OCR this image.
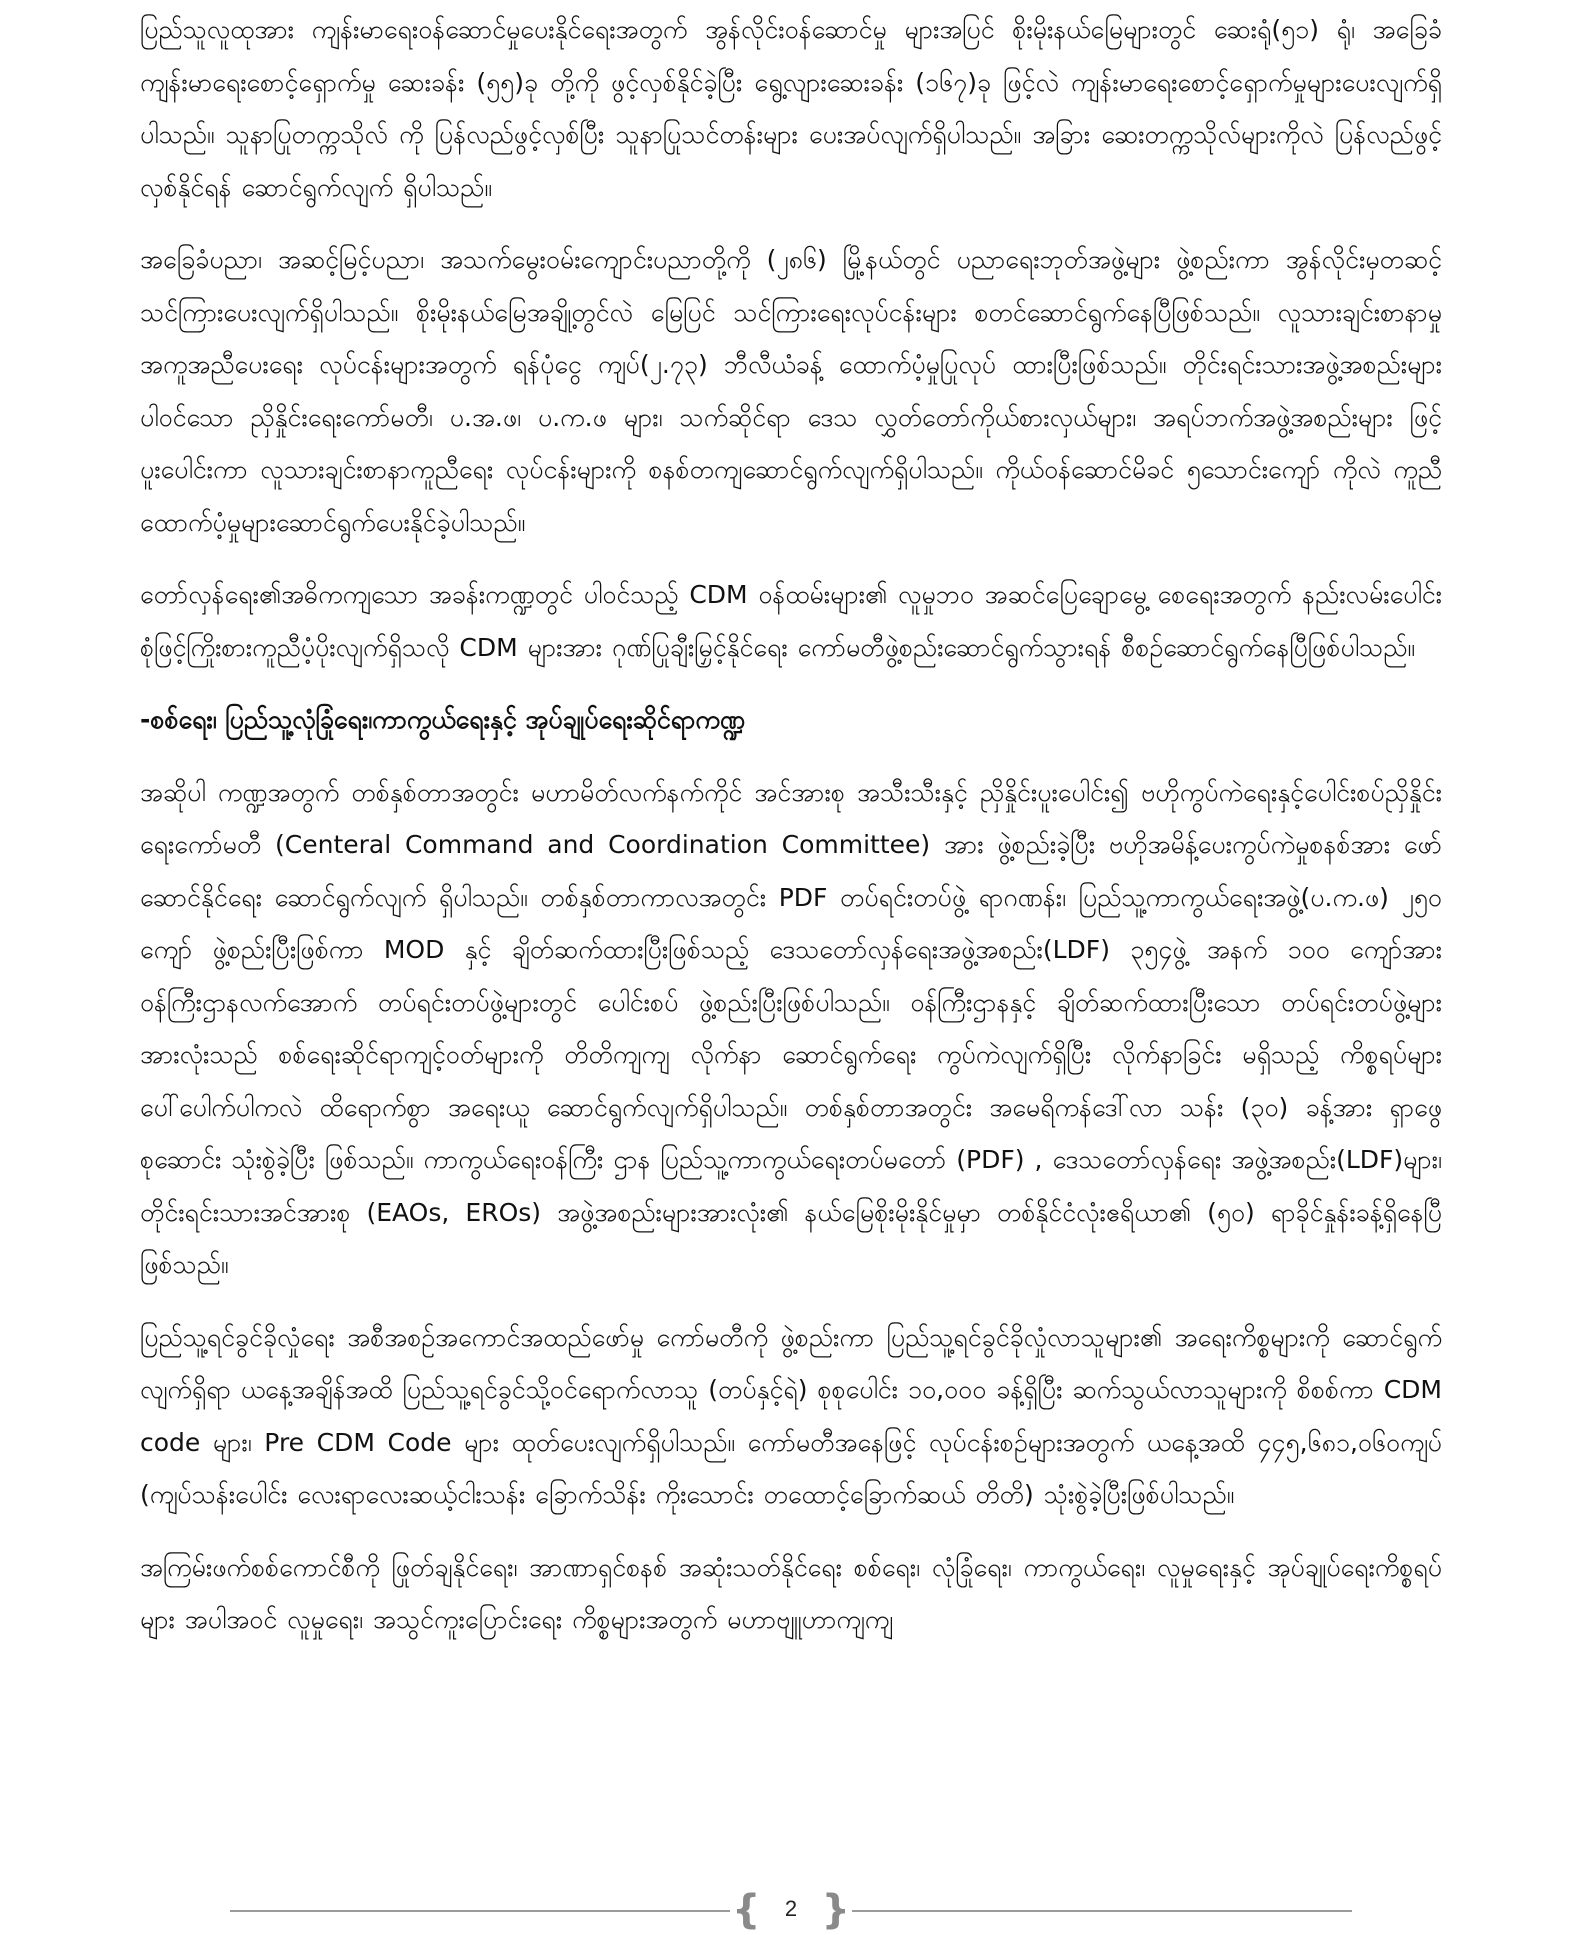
ပြည်သူလူထုအား ကျန်းမာရေးဝန်ဆောင်မှုပေးနိုင်ရေးအတွက် အွန်လိုင်းဝန်ဆောင်မှု များအပြင် စိုးမိုးနယ်မြေများတွင် ဆေးရုံ(၅၁) ရုံ၊ အခြေခံကျန်းမာရေးစောင့်ရှောက်မှု ဆေးခန်း (၅၅)ခု တို့ကို ဖွင့်လှစ်နိုင်ခဲ့ပြီး ရွေ့လျားဆေးခန်း (၁၆၇)ခု ဖြင့်လဲ ကျန်းမာရေးစောင့်ရှောက်မှုများပေးလျက်ရှိပါသည်။ သူနာပြုတက္ကသိုလ် ကို ပြန်လည်ဖွင့်လှစ်ပြီး သူနာပြုသင်တန်းများ ပေးအပ်လျက်ရှိပါသည်။ အခြား ဆေးတက္ကသိုလ်များကိုလဲ ပြန်လည်ဖွင့်လှစ်နိုင်ရန် ဆောင်ရွက်လျက် ရှိပါသည်။

အခြေခံပညာ၊ အဆင့်မြင့်ပညာ၊ အသက်မွေးဝမ်းကျောင်းပညာတို့ကို (၂၈၆) မြို့နယ်တွင် ပညာရေးဘုတ်အဖွဲ့များ ဖွဲ့စည်းကာ အွန်လိုင်းမှတဆင့် သင်ကြားပေးလျက်ရှိပါသည်။ စိုးမိုးနယ်မြေအချို့တွင်လဲ မြေပြင် သင်ကြားရေးလုပ်ငန်းများ စတင်ဆောင်ရွက်နေပြီဖြစ်သည်။ လူသားချင်းစာနာမှု အကူအညီပေးရေး လုပ်ငန်းများအတွက် ရန်ပုံငွေ ကျပ်(၂.၇၃) ဘီလီယံခန့် ထောက်ပံ့မှုပြုလုပ် ထားပြီးဖြစ်သည်။ တိုင်းရင်းသားအဖွဲ့အစည်းများပါဝင်သော ညှိနှိုင်းရေးကော်မတီ၊ ပ.အ.ဖ၊ ပ.က.ဖ များ၊ သက်ဆိုင်ရာ ဒေသ လွှတ်တော်ကိုယ်စားလှယ်များ၊ အရပ်ဘက်အဖွဲ့အစည်းများ ဖြင့် ပူးပေါင်းကာ လူသားချင်းစာနာကူညီရေး လုပ်ငန်းများကို စနစ်တကျဆောင်ရွက်လျက်ရှိပါသည်။ ကိုယ်ဝန်ဆောင်မိခင် ၅သောင်းကျော် ကိုလဲ ကူညီထောက်ပံ့မှုများဆောင်ရွက်ပေးနိုင်ခဲ့ပါသည်။

တော်လှန်ရေး၏အဓိကကျသော အခန်းကဏ္ဍတွင် ပါဝင်သည့် CDM ဝန်ထမ်းများ၏ လူမှုဘဝ အဆင်ပြေချောမွေ့ စေရေးအတွက် နည်းလမ်းပေါင်းစုံဖြင့်ကြိုးစားကူညီပံ့ပိုးလျက်ရှိသလို CDM များအား ဂုဏ်ပြုချီးမြှင့်နိုင်ရေး ကော်မတီဖွဲ့စည်းဆောင်ရွက်သွားရန် စီစဉ်ဆောင်ရွက်နေပြီဖြစ်ပါသည်။

-စစ်ရေး၊ ပြည်သူ့လုံခြုံရေး၊ကာကွယ်ရေးနှင့် အုပ်ချုပ်ရေးဆိုင်ရာကဏ္ဍ

အဆိုပါ ကဏ္ဍအတွက် တစ်နှစ်တာအတွင်း မဟာမိတ်လက်နက်ကိုင် အင်အားစု အသီးသီးနှင့် ညှိနှိုင်းပူးပေါင်း၍ ဗဟိုကွပ်ကဲရေးနှင့်ပေါင်းစပ်ညှိနှိုင်းရေးကော်မတီ (Centeral Command and Coordination Committee) အား ဖွဲ့စည်းခဲ့ပြီး ဗဟိုအမိန့်ပေးကွပ်ကဲမှုစနစ်အား ဖော်ဆောင်နိုင်ရေး ဆောင်ရွက်လျက် ရှိပါသည်။ တစ်နှစ်တာကာလအတွင်း PDF တပ်ရင်းတပ်ဖွဲ့ ရာဂဏန်း၊ ပြည်သူ့ကာကွယ်ရေးအဖွဲ့(ပ.က.ဖ) ၂၅၀ ကျော် ဖွဲ့စည်းပြီးဖြစ်ကာ MOD နှင့် ချိတ်ဆက်ထားပြီးဖြစ်သည့် ဒေသတော်လှန်ရေးအဖွဲ့အစည်း(LDF) ၃၅၄ဖွဲ့ အနက် ၁၀၀ ကျော်အား ဝန်ကြီးဌာနလက်အောက် တပ်ရင်းတပ်ဖွဲ့များတွင် ပေါင်းစပ် ဖွဲ့စည်းပြီးဖြစ်ပါသည်။ ဝန်ကြီးဌာနနှင့် ချိတ်ဆက်ထားပြီးသော တပ်ရင်းတပ်ဖွဲ့များ အားလုံးသည် စစ်ရေးဆိုင်ရာကျင့်ဝတ်များကို တိတိကျကျ လိုက်နာ ဆောင်ရွက်ရေး ကွပ်ကဲလျက်ရှိပြီး လိုက်နာခြင်း မရှိသည့် ကိစ္စရပ်များပေါ်ပေါက်ပါကလဲ ထိရောက်စွာ အရေးယူ ဆောင်ရွက်လျက်ရှိပါသည်။ တစ်နှစ်တာအတွင်း အမေရိကန်ဒေါ်လာ သန်း (၃၀) ခန့်အား ရှာဖွေစုဆောင်း သုံးစွဲခဲ့ပြီး ဖြစ်သည်။ ကာကွယ်ရေးဝန်ကြီး ဌာန ပြည်သူ့ကာကွယ်ရေးတပ်မတော် (PDF) , ဒေသတော်လှန်ရေး အဖွဲ့အစည်း(LDF)များ၊ တိုင်းရင်းသားအင်အားစု (EAOs, EROs) အဖွဲ့အစည်းများအားလုံး၏ နယ်မြေစိုးမိုးနိုင်မှုမှာ တစ်နိုင်ငံလုံးဧရိယာ၏ (၅၀) ရာခိုင်နှုန်းခန့်ရှိနေပြီဖြစ်သည်။

ပြည်သူ့ရင်ခွင်ခိုလှုံရေး အစီအစဉ်အကောင်အထည်ဖော်မှု ကော်မတီကို ဖွဲ့စည်းကာ ပြည်သူ့ရင်ခွင်ခိုလှုံလာသူများ၏ အရေးကိစ္စများကို ဆောင်ရွက်လျက်ရှိရာ ယနေ့အချိန်အထိ ပြည်သူ့ရင်ခွင်သို့ဝင်ရောက်လာသူ (တပ်နှင့်ရဲ) စုစုပေါင်း ၁၀,၀၀၀ ခန့်ရှိပြီး ဆက်သွယ်လာသူများကို စိစစ်ကာ CDM code များ၊ Pre CDM Code များ ထုတ်ပေးလျက်ရှိပါသည်။ ကော်မတီအနေဖြင့် လုပ်ငန်းစဉ်များအတွက် ယနေ့အထိ ၄၄၅,၆၈၁,၀၆၀ကျပ် (ကျပ်သန်းပေါင်း လေးရာလေးဆယ့်ငါးသန်း ခြောက်သိန်း ကိုးသောင်း တထောင့်ခြောက်ဆယ် တိတိ) သုံးစွဲခဲ့ပြီးဖြစ်ပါသည်။

အကြမ်းဖက်စစ်ကောင်စီကို ဖြုတ်ချနိုင်ရေး၊ အာဏာရှင်စနစ် အဆုံးသတ်နိုင်ရေး စစ်ရေး၊ လုံခြုံရေး၊ ကာကွယ်ရေး၊ လူမှုရေးနှင့် အုပ်ချုပ်ရေးကိစ္စရပ်များ အပါအဝင် လူမှုရေး၊ အသွင်ကူးပြောင်းရေး ကိစ္စများအတွက် မဟာဗျူဟာကျကျ

{ }
2
